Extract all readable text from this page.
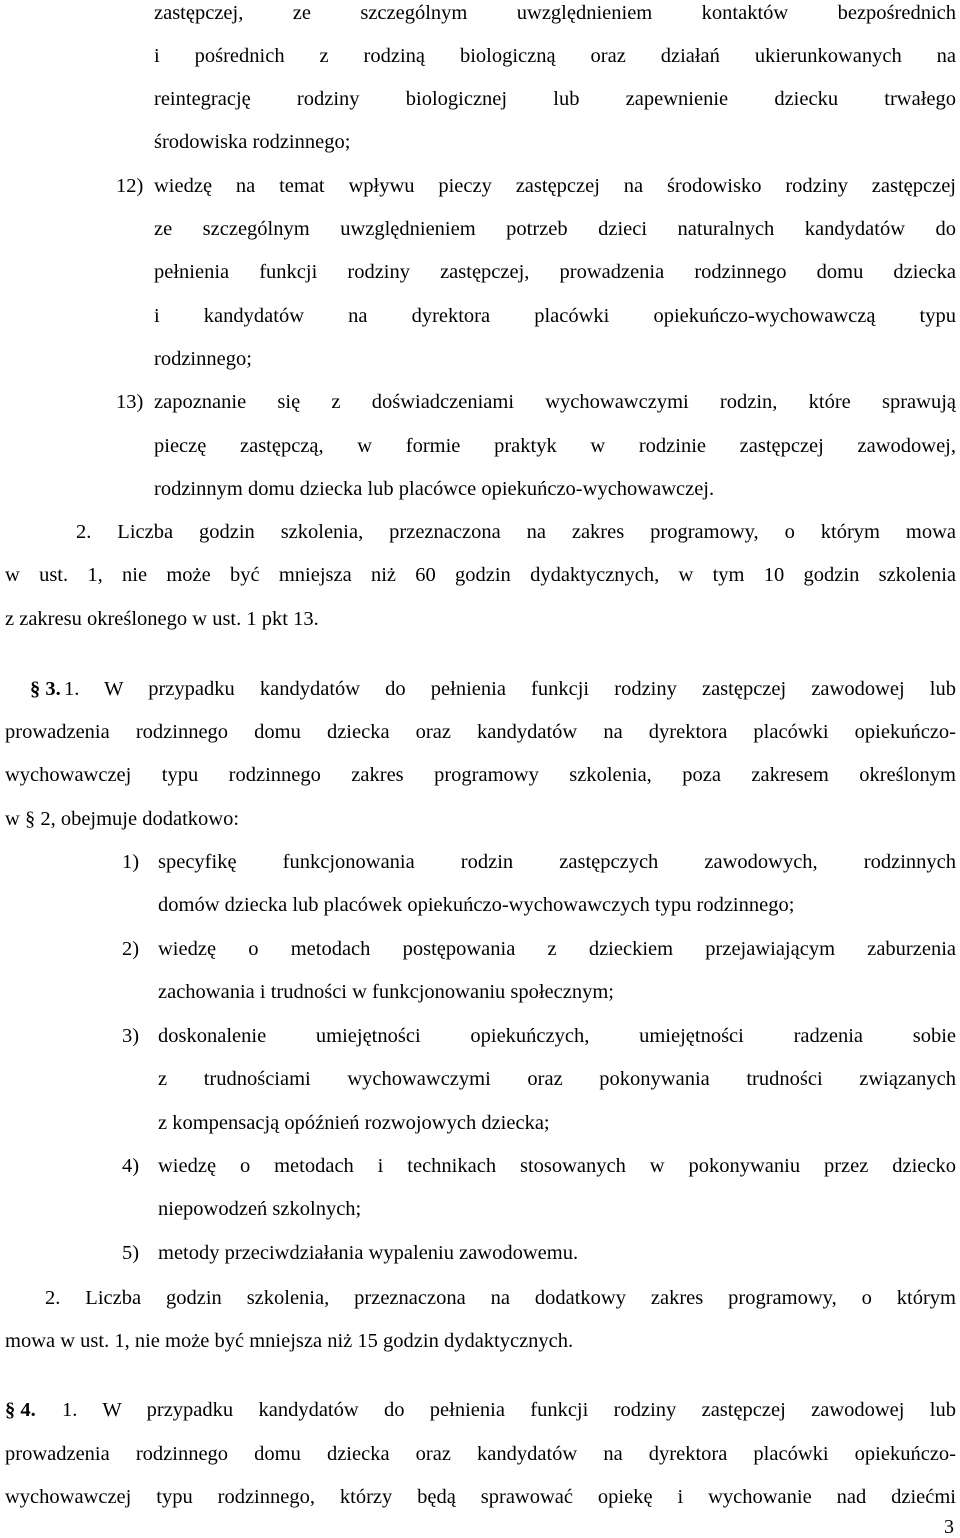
zastępczej, ze szczególnym uwzględnieniem kontaktów bezpośrednich
i pośrednich z rodziną biologiczną oraz działań ukierunkowanych na
reintegrację rodziny biologicznej lub zapewnienie dziecku trwałego
środowiska rodzinnego;
12) wiedzę na temat wpływu pieczy zastępczej na środowisko rodziny zastępczej
ze szczególnym uwzględnieniem potrzeb dzieci naturalnych kandydatów do
pełnienia funkcji rodziny zastępczej, prowadzenia rodzinnego domu dziecka
i kandydatów na dyrektora placówki opiekuńczo-wychowawczą typu
rodzinnego;
13) zapoznanie się z doświadczeniami wychowawczymi rodzin, które sprawują
pieczę zastępczą, w formie praktyk w rodzinie zastępczej zawodowej,
rodzinnym domu dziecka lub placówce opiekuńczo-wychowawczej.
2. Liczba godzin szkolenia, przeznaczona na zakres programowy, o którym mowa
w ust. 1, nie może być mniejsza niż 60 godzin dydaktycznych, w tym 10 godzin szkolenia
z zakresu określonego w ust. 1 pkt 13.
§ 3. 1. W przypadku kandydatów do pełnienia funkcji rodziny zastępczej zawodowej lub
prowadzenia rodzinnego domu dziecka oraz kandydatów na dyrektora placówki opiekuńczo-
wychowawczej typu rodzinnego zakres programowy szkolenia, poza zakresem określonym
w § 2, obejmuje dodatkowo:
1) specyfikę funkcjonowania rodzin zastępczych zawodowych, rodzinnych
domów dziecka lub placówek opiekuńczo-wychowawczych typu rodzinnego;
2) wiedzę o metodach postępowania z dzieckiem przejawiającym zaburzenia
zachowania i trudności w funkcjonowaniu społecznym;
3) doskonalenie umiejętności opiekuńczych, umiejętności radzenia sobie
z trudnościami wychowawczymi oraz pokonywania trudności związanych
z kompensacją opóźnień rozwojowych dziecka;
4) wiedzę o metodach i technikach stosowanych w pokonywaniu przez dziecko
niepowodzeń szkolnych;
5) metody przeciwdziałania wypaleniu zawodowemu.
2. Liczba godzin szkolenia, przeznaczona na dodatkowy zakres programowy, o którym
mowa w ust. 1, nie może być mniejsza niż 15 godzin dydaktycznych.
§ 4. 1. W przypadku kandydatów do pełnienia funkcji rodziny zastępczej zawodowej lub
prowadzenia rodzinnego domu dziecka oraz kandydatów na dyrektora placówki opiekuńczo-
wychowawczej typu rodzinnego, którzy będą sprawować opiekę i wychowanie nad dziećmi
3
